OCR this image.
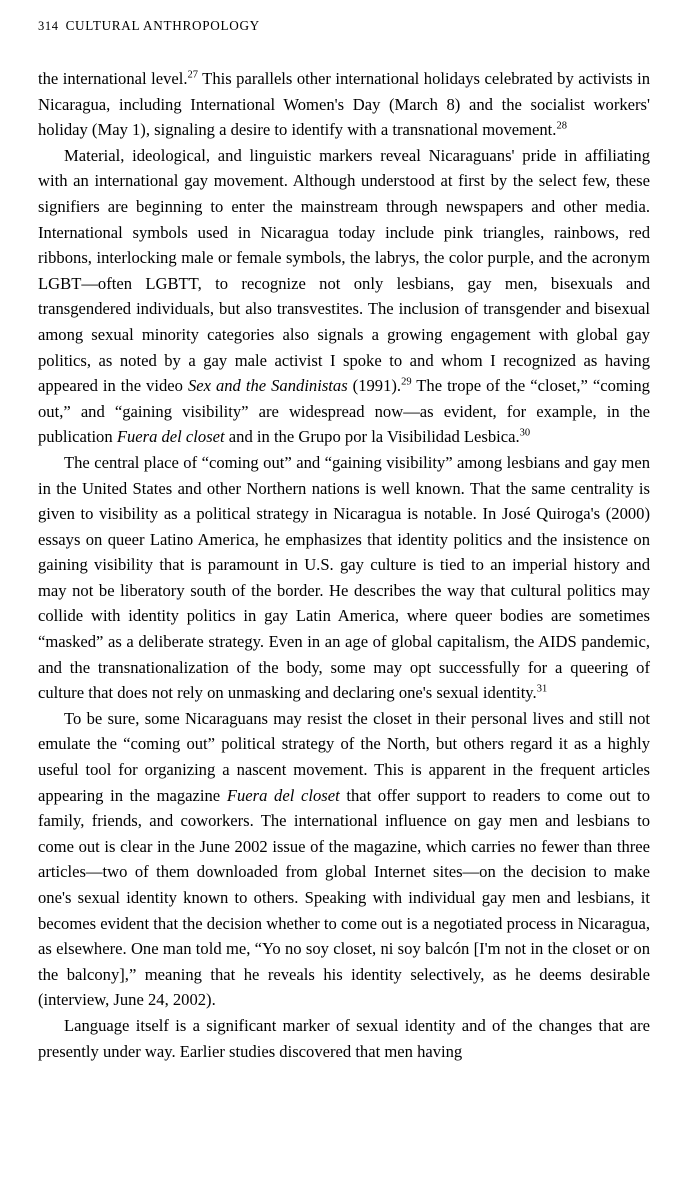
314 CULTURAL ANTHROPOLOGY

the international level.$^{27}$ This parallels other international holidays celebrated by activists in Nicaragua, including International Women's Day (March 8) and the socialist workers' holiday (May 1), signaling a desire to identify with a transnational movement.$^{28}$

Material, ideological, and linguistic markers reveal Nicaraguans' pride in affiliating with an international gay movement. Although understood at first by the select few, these signifiers are beginning to enter the mainstream through newspapers and other media. International symbols used in Nicaragua today include pink triangles, rainbows, red ribbons, interlocking male or female symbols, the labrys, the color purple, and the acronym LGBT—often LGBTT, to recognize not only lesbians, gay men, bisexuals and transgendered individuals, but also transvestites. The inclusion of transgender and bisexual among sexual minority categories also signals a growing engagement with global gay politics, as noted by a gay male activist I spoke to and whom I recognized as having appeared in the video Sex and the Sandinistas (1991).$^{29}$ The trope of the “closet,” “coming out,” and “gaining visibility” are widespread now—as evident, for example, in the publication Fuera del closet and in the Grupo por la Visibilidad Lesbica.$^{30}$

The central place of “coming out” and “gaining visibility” among lesbians and gay men in the United States and other Northern nations is well known. That the same centrality is given to visibility as a political strategy in Nicaragua is notable. In José Quiroga's (2000) essays on queer Latino America, he emphasizes that identity politics and the insistence on gaining visibility that is paramount in U.S. gay culture is tied to an imperial history and may not be liberatory south of the border. He describes the way that cultural politics may collide with identity politics in gay Latin America, where queer bodies are sometimes “masked” as a deliberate strategy. Even in an age of global capitalism, the AIDS pandemic, and the transnationalization of the body, some may opt successfully for a queering of culture that does not rely on unmasking and declaring one's sexual identity.$^{31}$

To be sure, some Nicaraguans may resist the closet in their personal lives and still not emulate the “coming out” political strategy of the North, but others regard it as a highly useful tool for organizing a nascent movement. This is apparent in the frequent articles appearing in the magazine Fuera del closet that offer support to readers to come out to family, friends, and coworkers. The international influence on gay men and lesbians to come out is clear in the June 2002 issue of the magazine, which carries no fewer than three articles—two of them downloaded from global Internet sites—on the decision to make one's sexual identity known to others. Speaking with individual gay men and lesbians, it becomes evident that the decision whether to come out is a negotiated process in Nicaragua, as elsewhere. One man told me, “Yo no soy closet, ni soy balcón [I'm not in the closet or on the balcony],” meaning that he reveals his identity selectively, as he deems desirable (interview, June 24, 2002).

Language itself is a significant marker of sexual identity and of the changes that are presently under way. Earlier studies discovered that men having
